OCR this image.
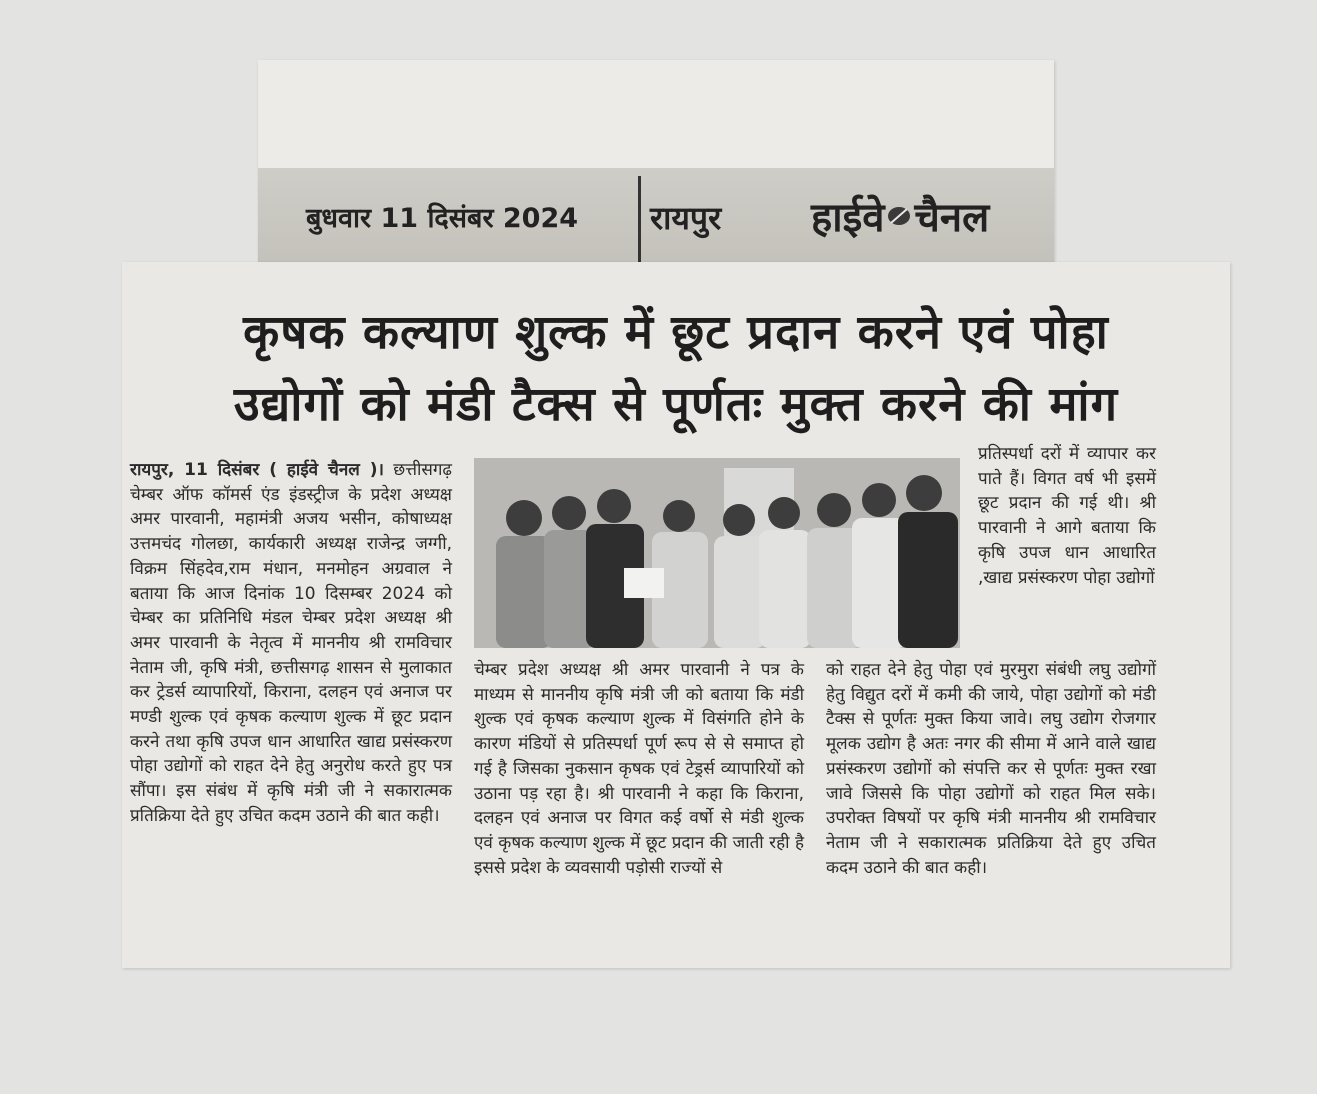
बुधवार 11 दिसंबर 2024 रायपुर हाईवे चैनल
कृषक कल्याण शुल्क में छूट प्रदान करने एवं पोहा
उद्योगों को मंडी टैक्स से पूर्णतः मुक्त करने की मांग

रायपुर, 11 दिसंबर ( हाईवे चैनल )। छत्तीसगढ़ चेम्बर ऑफ कॉमर्स एंड इंडस्ट्रीज के प्रदेश अध्यक्ष अमर पारवानी, महामंत्री अजय भसीन, कोषाध्यक्ष उत्तमचंद गोलछा, कार्यकारी अध्यक्ष राजेन्द्र जग्गी, विक्रम सिंहदेव,राम मंधान, मनमोहन अग्रवाल ने बताया कि आज दिनांक 10 दिसम्बर 2024 को चेम्बर का प्रतिनिधि मंडल चेम्बर प्रदेश अध्यक्ष श्री अमर पारवानी के नेतृत्व में माननीय श्री रामविचार नेताम जी, कृषि मंत्री, छत्तीसगढ़ शासन से मुलाकात कर ट्रेडर्स व्यापारियों, किराना, दलहन एवं अनाज पर मण्डी शुल्क एवं कृषक कल्याण शुल्क में छूट प्रदान करने तथा कृषि उपज धान आधारित खाद्य प्रसंस्करण पोहा उद्योगों को राहत देने हेतु अनुरोध करते हुए पत्र सौंपा। इस संबंध में कृषि मंत्री जी ने सकारात्मक प्रतिक्रिया देते हुए उचित कदम उठाने की बात कही।

प्रतिस्पर्धा दरों में व्यापार कर पाते हैं। विगत वर्ष भी इसमें छूट प्रदान की गई थी। श्री पारवानी ने आगे बताया कि कृषि उपज धान आधारित ,खाद्य प्रसंस्करण पोहा उद्योगों

चेम्बर प्रदेश अध्यक्ष श्री अमर पारवानी ने पत्र के माध्यम से माननीय कृषि मंत्री जी को बताया कि मंडी शुल्क एवं कृषक कल्याण शुल्क में विसंगति होने के कारण मंडियों से प्रतिस्पर्धा पूर्ण रूप से से समाप्त हो गई है जिसका नुकसान कृषक एवं टेड्रर्स व्यापारियों को उठाना पड़ रहा है। श्री पारवानी ने कहा कि किराना, दलहन एवं अनाज पर विगत कई वर्षो से मंडी शुल्क एवं कृषक कल्याण शुल्क में छूट प्रदान की जाती रही है इससे प्रदेश के व्यवसायी पड़ोसी राज्यों से

को राहत देने हेतु पोहा एवं मुरमुरा संबंधी लघु उद्योगों हेतु विद्युत दरों में कमी की जाये, पोहा उद्योगों को मंडी टैक्स से पूर्णतः मुक्त किया जावे। लघु उद्योग रोजगार मूलक उद्योग है अतः नगर की सीमा में आने वाले खाद्य प्रसंस्करण उद्योगों को संपत्ति कर से पूर्णतः मुक्त रखा जावे जिससे कि पोहा उद्योगों को राहत मिल सके। उपरोक्त विषयों पर कृषि मंत्री माननीय श्री रामविचार नेताम जी ने सकारात्मक प्रतिक्रिया देते हुए उचित कदम उठाने की बात कही।
